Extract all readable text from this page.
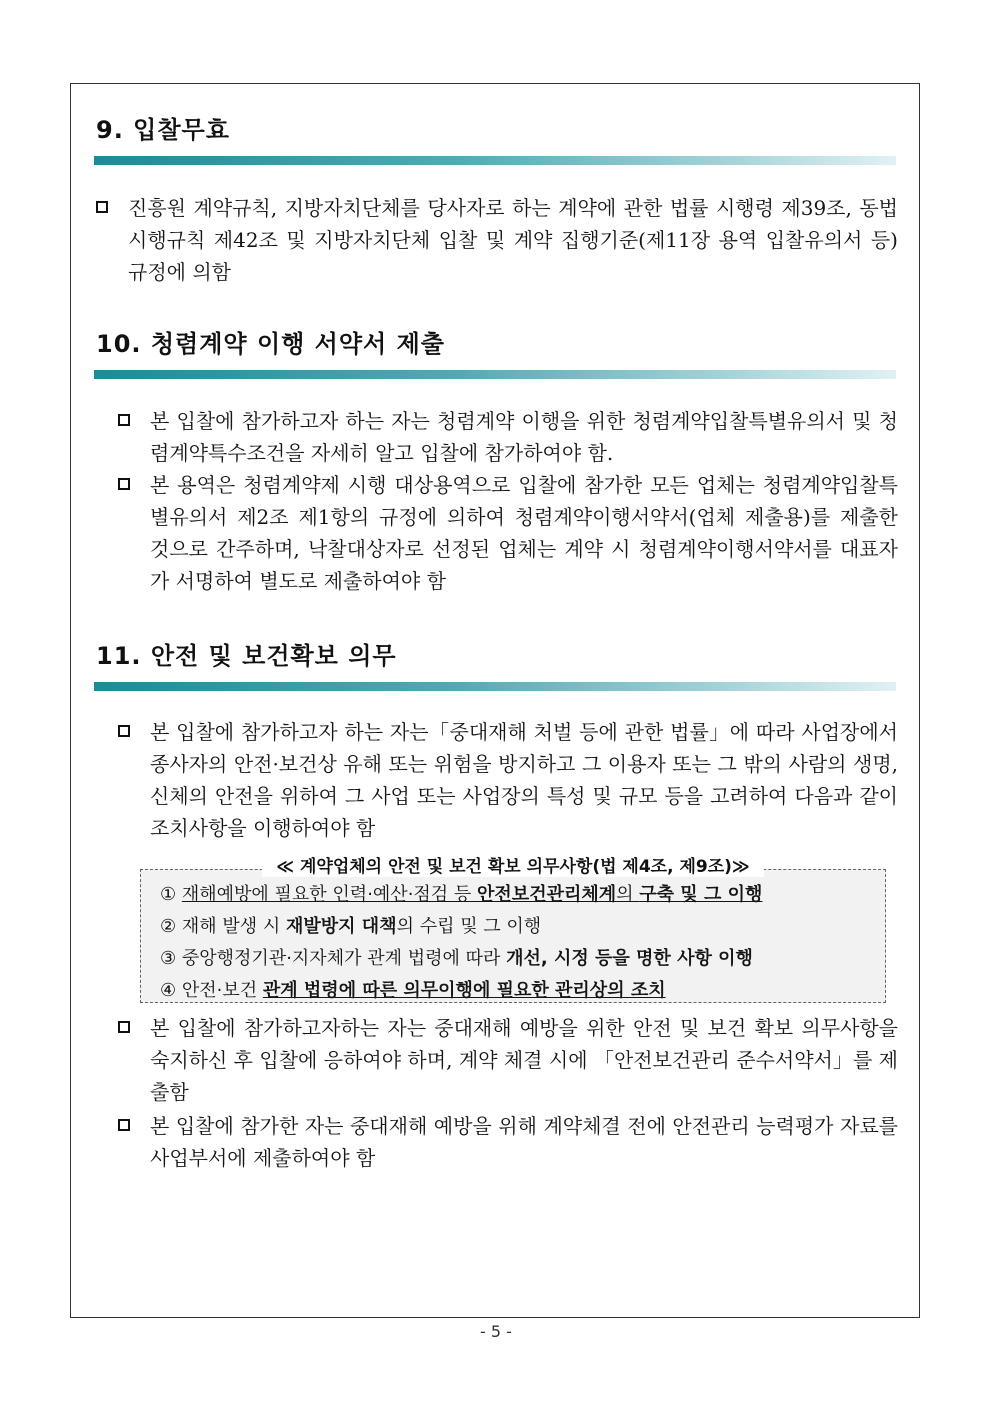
9. 입찰무효
진흥원 계약규칙, 지방자치단체를 당사자로 하는 계약에 관한 법률 시행령 제39조, 동법 시행규칙 제42조 및 지방자치단체 입찰 및 계약 집행기준(제11장 용역 입찰유의서 등) 규정에 의함
10. 청렴계약 이행 서약서 제출
본 입찰에 참가하고자 하는 자는 청렴계약 이행을 위한 청렴계약입찰특별유의서 및 청렴계약특수조건을 자세히 알고 입찰에 참가하여야 함.
본 용역은 청렴계약제 시행 대상용역으로 입찰에 참가한 모든 업체는 청렴계약입찰특별유의서 제2조 제1항의 규정에 의하여 청렴계약이행서약서(업체 제출용)를 제출한 것으로 간주하며, 낙찰대상자로 선정된 업체는 계약 시 청렴계약이행서약서를 대표자가 서명하여 별도로 제출하여야 함
11. 안전 및 보건확보 의무
본 입찰에 참가하고자 하는 자는「중대재해 처벌 등에 관한 법률」에 따라 사업장에서 종사자의 안전·보건상 유해 또는 위험을 방지하고 그 이용자 또는 그 밖의 사람의 생명, 신체의 안전을 위하여 그 사업 또는 사업장의 특성 및 규모 등을 고려하여 다음과 같이 조치사항을 이행하여야 함
≪ 계약업체의 안전 및 보건 확보 의무사항(법 제4조, 제9조)≫
① 재해예방에 필요한 인력·예산·점검 등 안전보건관리체계의 구축 및 그 이행
② 재해 발생 시 재발방지 대책의 수립 및 그 이행
③ 중앙행정기관·지자체가 관계 법령에 따라 개선, 시정 등을 명한 사항 이행
④ 안전·보건 관계 법령에 따른 의무이행에 필요한 관리상의 조치
본 입찰에 참가하고자하는 자는 중대재해 예방을 위한 안전 및 보건 확보 의무사항을 숙지하신 후 입찰에 응하여야 하며, 계약 체결 시에 「안전보건관리 준수서약서」를 제출함
본 입찰에 참가한 자는 중대재해 예방을 위해 계약체결 전에 안전관리 능력평가 자료를 사업부서에 제출하여야 함
- 5 -
